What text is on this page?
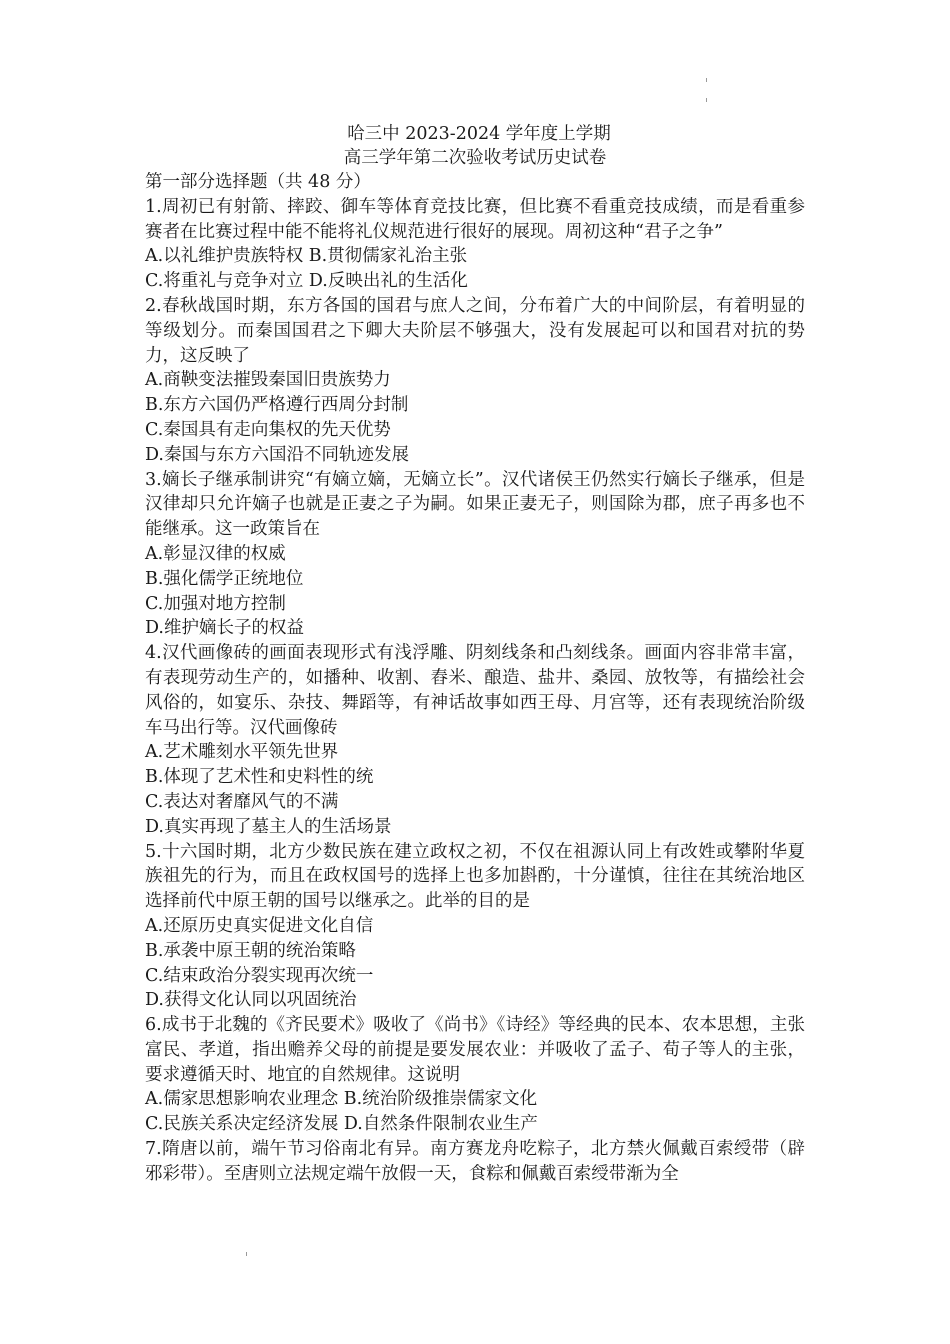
哈三中 2023-2024 学年度上学期
高三学年第二次验收考试历史试卷
第一部分选择题（共 48 分）
1.周初已有射箭、摔跤、御车等体育竞技比赛，但比赛不看重竞技成绩，而是看重参赛者在比赛过程中能不能将礼仪规范进行很好的展现。周初这种“君子之争”
A.以礼维护贵族特权 B.贯彻儒家礼治主张
C.将重礼与竞争对立 D.反映出礼的生活化
2.春秋战国时期，东方各国的国君与庶人之间，分布着广大的中间阶层，有着明显的等级划分。而秦国国君之下卿大夫阶层不够强大，没有发展起可以和国君对抗的势力，这反映了
A.商鞅变法摧毁秦国旧贵族势力
B.东方六国仍严格遵行西周分封制
C.秦国具有走向集权的先天优势
D.秦国与东方六国沿不同轨迹发展
3.嫡长子继承制讲究“有嫡立嫡，无嫡立长”。汉代诸侯王仍然实行嫡长子继承，但是汉律却只允许嫡子也就是正妻之子为嗣。如果正妻无子，则国除为郡，庶子再多也不能继承。这一政策旨在
A.彰显汉律的权威
B.强化儒学正统地位
C.加强对地方控制
D.维护嫡长子的权益
4.汉代画像砖的画面表现形式有浅浮雕、阴刻线条和凸刻线条。画面内容非常丰富，有表现劳动生产的，如播种、收割、舂米、酿造、盐井、桑园、放牧等，有描绘社会风俗的，如宴乐、杂技、舞蹈等，有神话故事如西王母、月宫等，还有表现统治阶级车马出行等。汉代画像砖
A.艺术雕刻水平领先世界
B.体现了艺术性和史料性的统
C.表达对奢靡风气的不满
D.真实再现了墓主人的生活场景
5.十六国时期，北方少数民族在建立政权之初，不仅在祖源认同上有改姓或攀附华夏族祖先的行为，而且在政权国号的选择上也多加斟酌，十分谨慎，往往在其统治地区选择前代中原王朝的国号以继承之。此举的目的是
A.还原历史真实促进文化自信
B.承袭中原王朝的统治策略
C.结束政治分裂实现再次统一
D.获得文化认同以巩固统治
6.成书于北魏的《齐民要术》吸收了《尚书》《诗经》等经典的民本、农本思想，主张富民、孝道，指出赡养父母的前提是要发展农业：并吸收了孟子、荀子等人的主张，要求遵循天时、地宜的自然规律。这说明
A.儒家思想影响农业理念 B.统治阶级推崇儒家文化
C.民族关系决定经济发展 D.自然条件限制农业生产
7.隋唐以前，端午节习俗南北有异。南方赛龙舟吃粽子，北方禁火佩戴百索绶带（辟邪彩带）。至唐则立法规定端午放假一天，食粽和佩戴百索绶带渐为全
